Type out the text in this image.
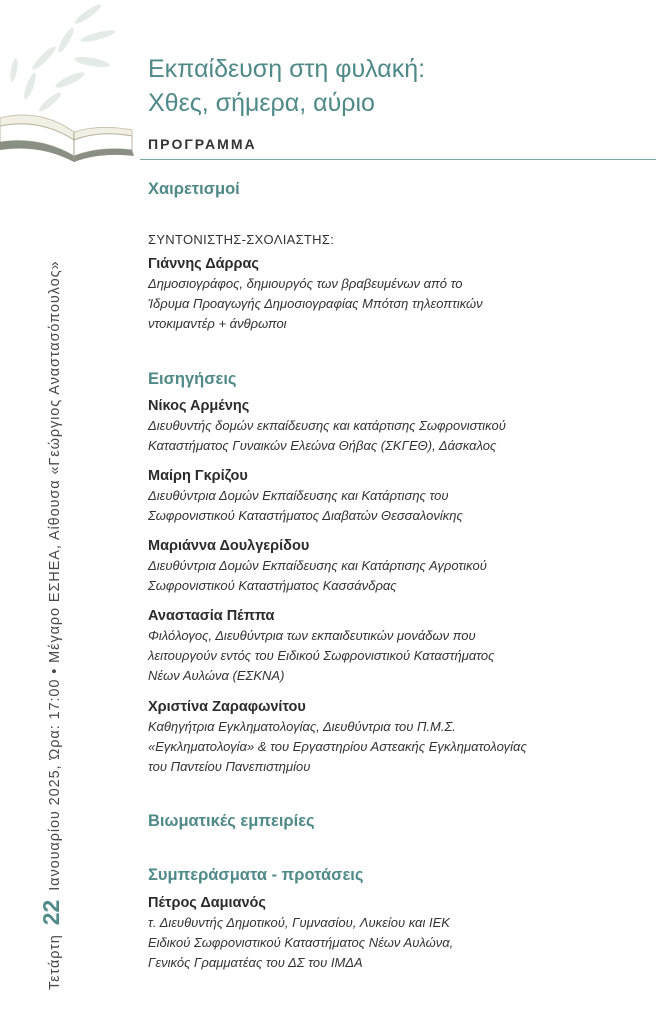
Τετάρτη 22 Ιανουαρίου 2025, Ώρα: 17:00 • Μέγαρο ΕΣΗΕΑ, Αίθουσα «Γεώργιος Αναστασόπουλος»
Εκπαίδευση στη φυλακή:
Χθες, σήμερα, αύριο
ΠΡΟΓΡΑΜΜΑ
Χαιρετισμοί
ΣΥΝΤΟΝΙΣΤΗΣ-ΣΧΟΛΙΑΣΤΗΣ:
Γιάννης Δάρρας
Δημοσιογράφος, δημιουργός των βραβευμένων από το
Ίδρυμα Προαγωγής Δημοσιογραφίας Μπότση τηλεοπτικών
ντοκιμαντέρ + άνθρωποι
Εισηγήσεις
Νίκος Αρμένης
Διευθυντής δομών εκπαίδευσης και κατάρτισης Σωφρονιστικού
Καταστήματος Γυναικών Ελεώνα Θήβας (ΣΚΓΕΘ), Δάσκαλος
Μαίρη Γκρίζου
Διευθύντρια Δομών Εκπαίδευσης και Κατάρτισης του
Σωφρονιστικού Καταστήματος Διαβατών Θεσσαλονίκης
Μαριάννα Δουλγερίδου
Διευθύντρια Δομών Εκπαίδευσης και Κατάρτισης Αγροτικού
Σωφρονιστικού Καταστήματος Κασσάνδρας
Αναστασία Πέππα
Φιλόλογος, Διευθύντρια των εκπαιδευτικών μονάδων που
λειτουργούν εντός του Ειδικού Σωφρονιστικού Καταστήματος
Νέων Αυλώνα (ΕΣΚΝΑ)
Χριστίνα Ζαραφωνίτου
Καθηγήτρια Εγκληματολογίας, Διευθύντρια του Π.Μ.Σ.
«Εγκληματολογία» & του Εργαστηρίου Αστεακής Εγκληματολογίας
του Παντείου Πανεπιστημίου
Βιωματικές εμπειρίες
Συμπεράσματα - προτάσεις
Πέτρος Δαμιανός
τ. Διευθυντής Δημοτικού, Γυμνασίου, Λυκείου και ΙΕΚ
Ειδικού Σωφρονιστικού Καταστήματος Νέων Αυλώνα,
Γενικός Γραμματέας του ΔΣ του ΙΜΔΑ
